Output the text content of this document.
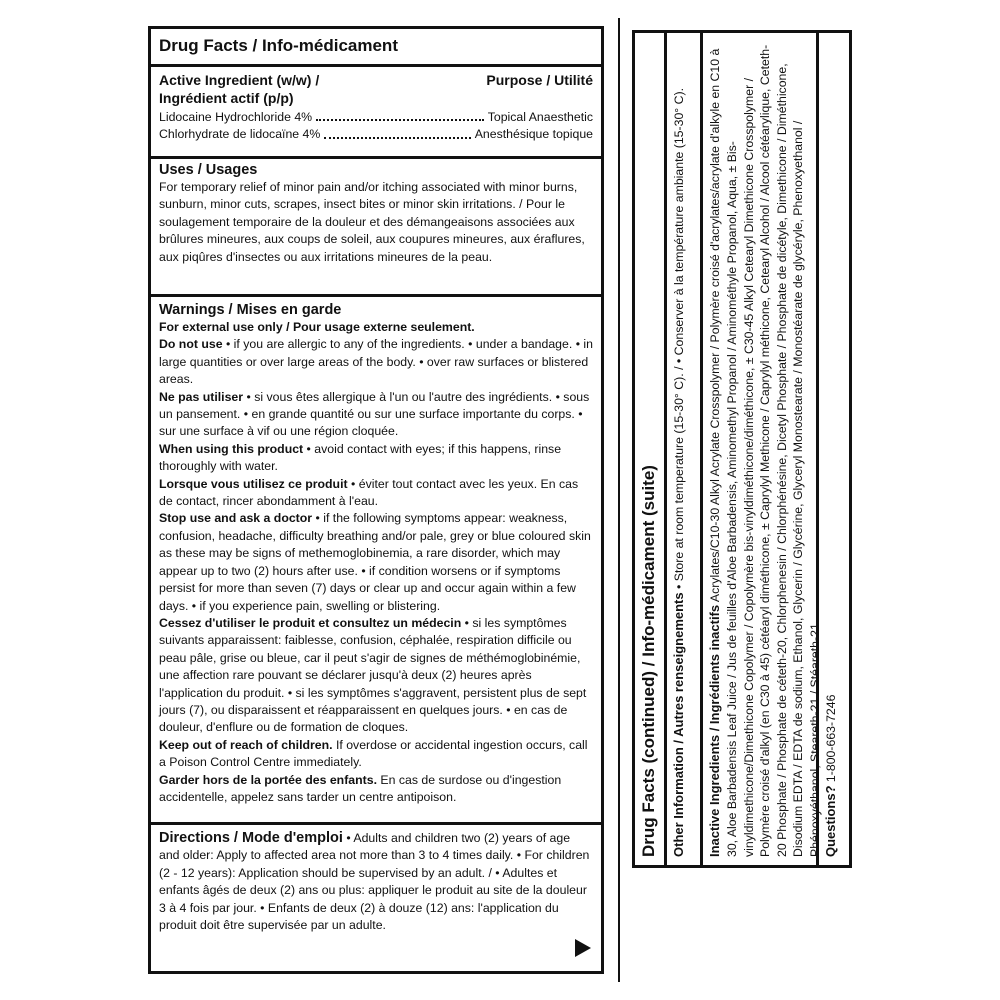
Drug Facts / Info-médicament
Active Ingredient (w/w) /	Purpose / Utilité
Ingrédient actif (p/p)
Lidocaine Hydrochloride 4%	Topical Anaesthetic
Chlorhydrate de lidocaïne 4%	Anesthésique topique
Uses / Usages
For temporary relief of minor pain and/or itching associated with minor burns, sunburn, minor cuts, scrapes, insect bites or minor skin irritations. / Pour le soulagement temporaire de la douleur et des démangeaisons associées aux brûlures mineures, aux coups de soleil, aux coupures mineures, aux éraflures, aux piqûres d'insectes ou aux irritations mineures de la peau.
Warnings / Mises en garde
For external use only / Pour usage externe seulement.
Do not use • if you are allergic to any of the ingredients. • under a bandage. • in large quantities or over large areas of the body. • over raw surfaces or blistered areas.
Ne pas utiliser • si vous êtes allergique à l'un ou l'autre des ingrédients. • sous un pansement. • en grande quantité ou sur une surface importante du corps. • sur une surface à vif ou une région cloquée.
When using this product • avoid contact with eyes; if this happens, rinse thoroughly with water.
Lorsque vous utilisez ce produit • éviter tout contact avec les yeux. En cas de contact, rincer abondamment à l'eau.
Stop use and ask a doctor • if the following symptoms appear: weakness, confusion, headache, difficulty breathing and/or pale, grey or blue coloured skin as these may be signs of methemoglobinemia, a rare disorder, which may appear up to two (2) hours after use. • if condition worsens or if symptoms persist for more than seven (7) days or clear up and occur again within a few days. • if you experience pain, swelling or blistering.
Cessez d'utiliser le produit et consultez un médecin • si les symptômes suivants apparaissent: faiblesse, confusion, céphalée, respiration difficile ou peau pâle, grise ou bleue, car il peut s'agir de signes de méthémoglobinémie, une affection rare pouvant se déclarer jusqu'à deux (2) heures après l'application du produit. • si les symptômes s'aggravent, persistent plus de sept jours (7), ou disparaissent et réapparaissent en quelques jours. • en cas de douleur, d'enflure ou de formation de cloques.
Keep out of reach of children. If overdose or accidental ingestion occurs, call a Poison Control Centre immediately.
Garder hors de la portée des enfants. En cas de surdose ou d'ingestion accidentelle, appelez sans tarder un centre antipoison.
Directions / Mode d'emploi • Adults and children two (2) years of age and older: Apply to affected area not more than 3 to 4 times daily. • For children (2 - 12 years): Application should be supervised by an adult. / • Adultes et enfants âgés de deux (2) ans ou plus: appliquer le produit au site de la douleur 3 à 4 fois par jour. • Enfants de deux (2) à douze (12) ans: l'application du produit doit être supervisée par un adulte.
Drug Facts (continued) / Info-médicament (suite)	Other Information / Autres renseignements • Store at room temperature (15-30° C). / • Conserver à la température ambiante (15-30° C).
Inactive Ingredients / Ingrédients inactifs Acrylates/C10-30 Alkyl Acrylate Crosspolymer / Polymère croisé d'acrylates/acrylate d'alkyle en C10 à 30, Aloe Barbadensis Leaf Juice / Jus de feuilles d'Aloe Barbadensis, Aminomethyl Propanol / Aminométhyle Propanol, Aqua, ± Bis-vinyldimethicone/Dimethicone Copolymer / Copolymère bis-vinyldiméthicone/diméthicone, ± C30-45 Alkyl Cetearyl Dimethicone Crosspolymer / Polymère croisé d'alkyl (en C30 à 45) cétéaryl diméthicone, ± Caprylyl Methicone / Caprylyl méthicone, Cetearyl Alcohol / Alcool cétéarylique, Ceteth-20 Phosphate / Phosphate de céteth-20, Chlorphenesin / Chlorphénésine, Dicetyl Phosphate / Phosphate de dicétyle, Dimethicone / Diméthicone, Disodium EDTA / EDTA de sodium, Ethanol, Glycerin / Glycérine, Glyceryl Monostearate / Monostéarate de glycéryle, Phenoxyethanol / Phénoxyéthanol, Steareth-21 / Stéareth-21 Questions? 1-800-663-7246
